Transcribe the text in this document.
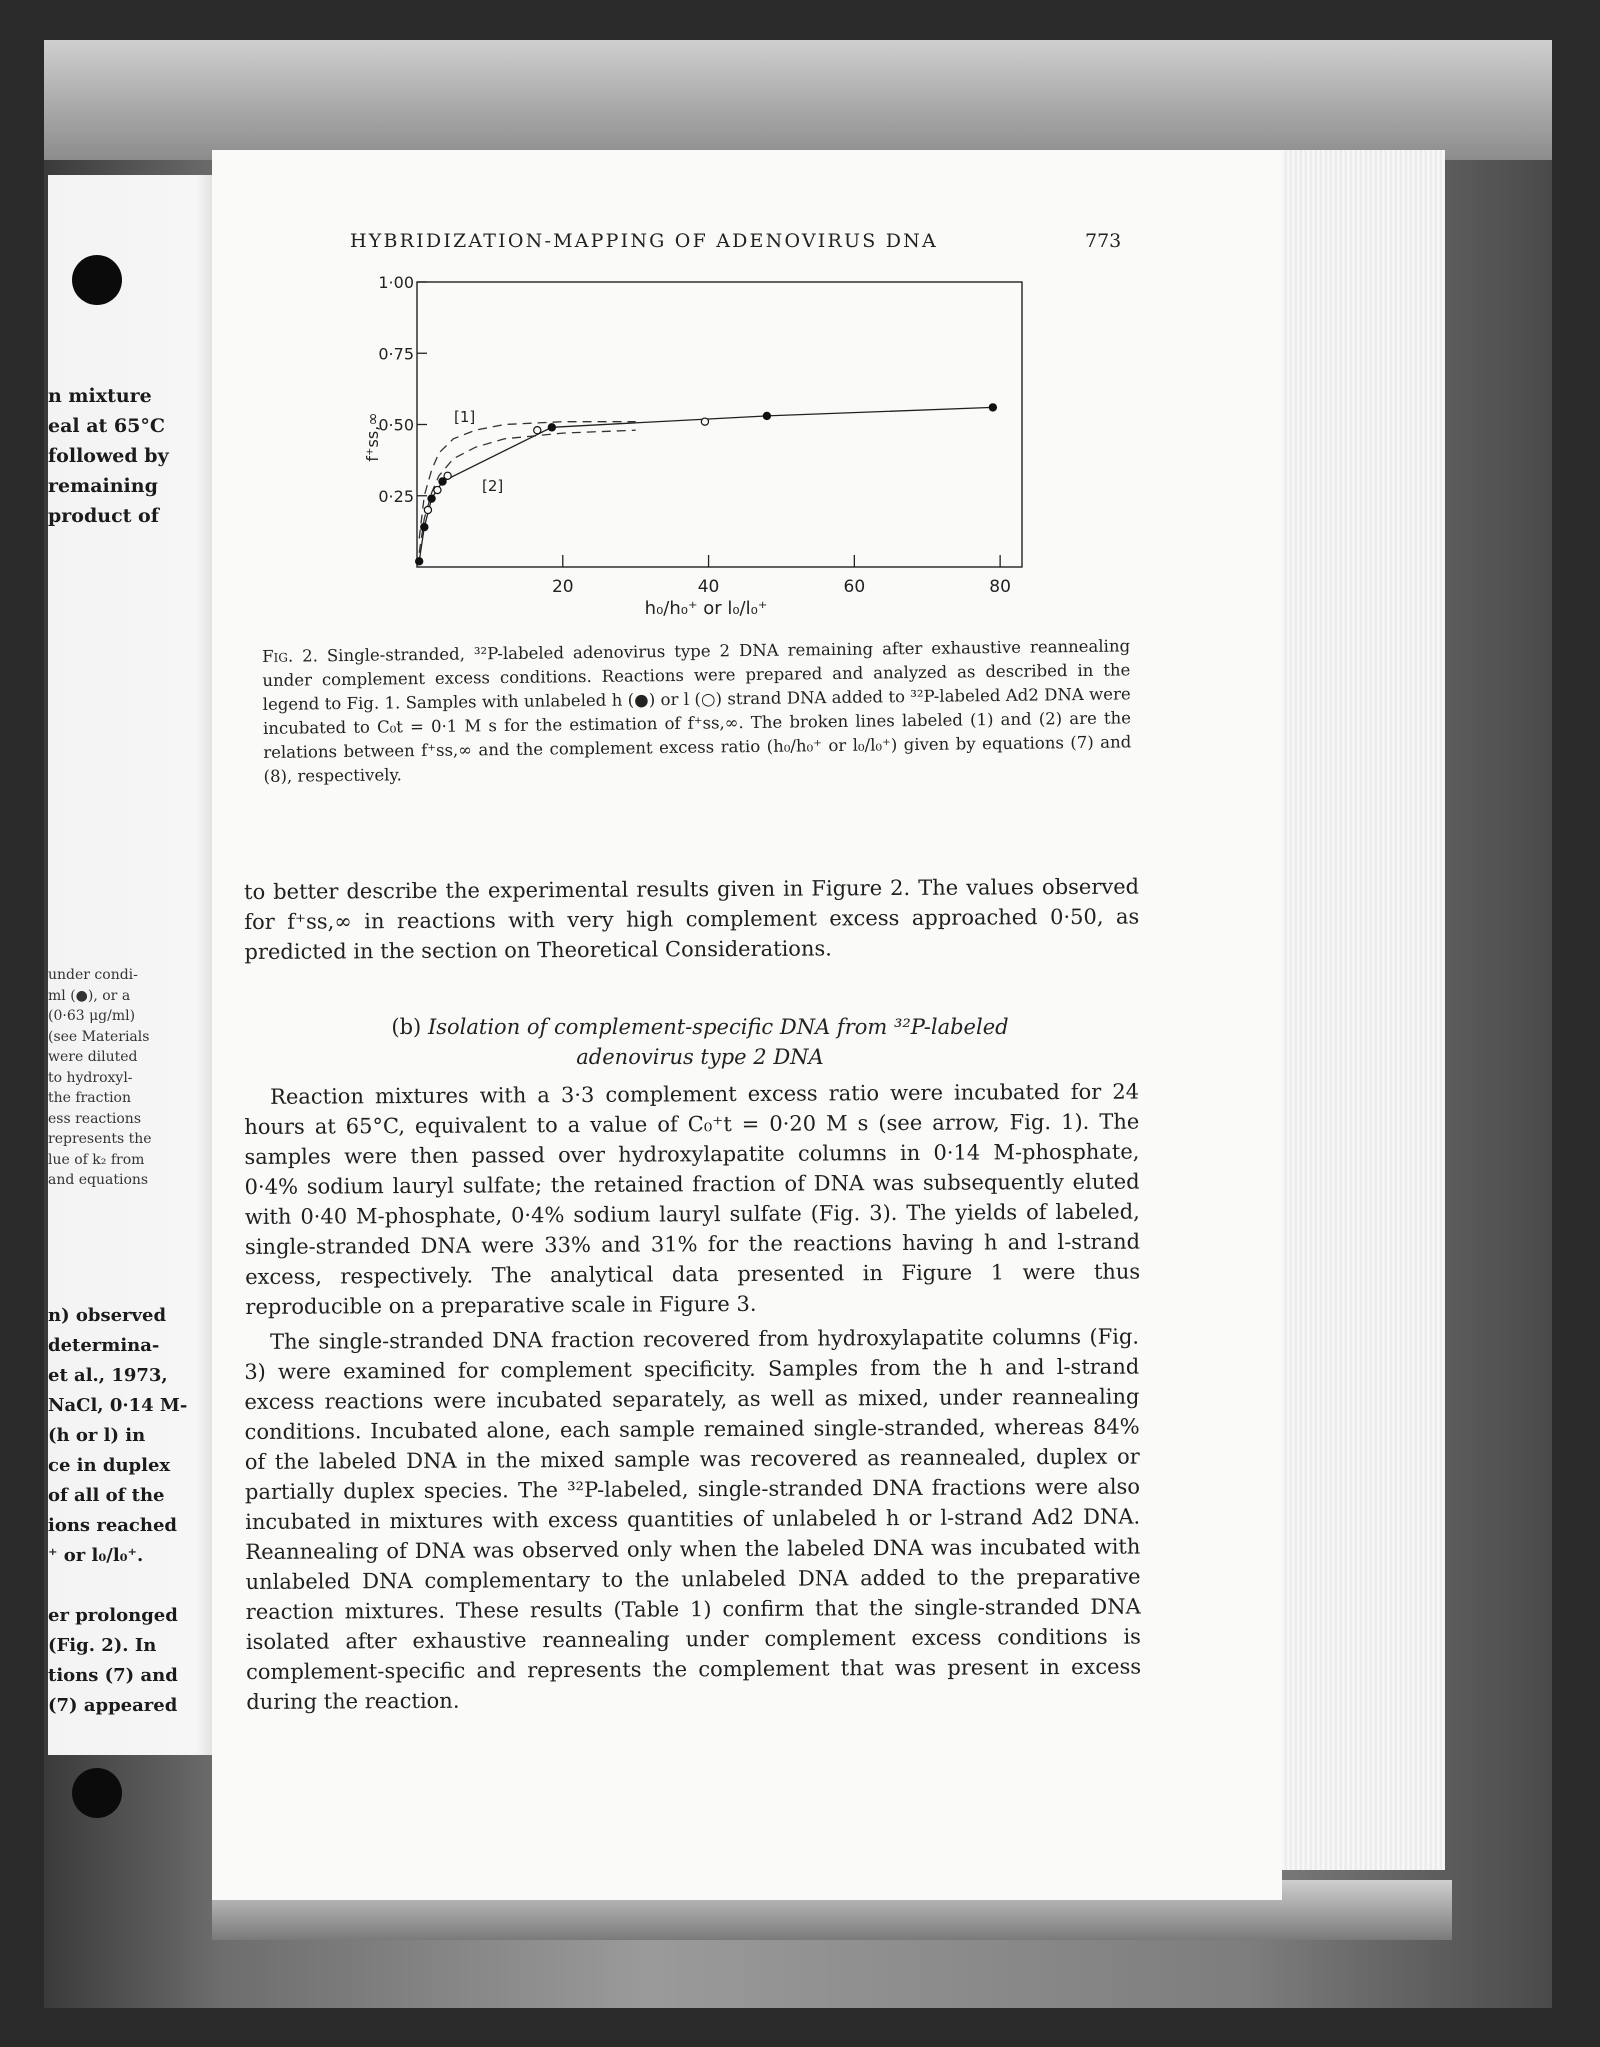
n mixture
eal at 65°C
followed by
remaining
product of
under condi-
ml (●), or a
(0·63 μg/ml)
(see Materials
were diluted
to hydroxyl-
the fraction
ess reactions
represents the
lue of k₂ from
and equations
n) observed
determina-
et al., 1973,
NaCl, 0·14 M-
(h or l) in
ce in duplex
of all of the
ions reached
⁺ or l₀/l₀⁺.
er prolonged
(Fig. 2). In
tions (7) and
(7) appeared
HYBRIDIZATION-MAPPING OF ADENOVIRUS DNA	773
0·25
0·50
0·75
1·00
20	40	60	80
f⁺ss,∞
h₀/h₀⁺ or l₀/l₀⁺
[1]
[2]
Fig. 2. Single-stranded, ³²P-labeled adenovirus type 2 DNA remaining after exhaustive reannealing under complement excess conditions. Reactions were prepared and analyzed as described in the legend to Fig. 1. Samples with unlabeled h (●) or l (○) strand DNA added to ³²P-labeled Ad2 DNA were incubated to C₀t = 0·1 M s for the estimation of f⁺ss,∞. The broken lines labeled (1) and (2) are the relations between f⁺ss,∞ and the complement excess ratio (h₀/h₀⁺ or l₀/l₀⁺) given by equations (7) and (8), respectively.

to better describe the experimental results given in Figure 2. The values observed for f⁺ss,∞ in reactions with very high complement excess approached 0·50, as predicted in the section on Theoretical Considerations.

(b) Isolation of complement-specific DNA from ³²P-labeled
adenovirus type 2 DNA

Reaction mixtures with a 3·3 complement excess ratio were incubated for 24 hours at 65°C, equivalent to a value of C₀⁺t = 0·20 M s (see arrow, Fig. 1). The samples were then passed over hydroxylapatite columns in 0·14 M-phosphate, 0·4% sodium lauryl sulfate; the retained fraction of DNA was subsequently eluted with 0·40 M-phosphate, 0·4% sodium lauryl sulfate (Fig. 3). The yields of labeled, single-stranded DNA were 33% and 31% for the reactions having h and l-strand excess, respectively. The analytical data presented in Figure 1 were thus reproducible on a preparative scale in Figure 3.

The single-stranded DNA fraction recovered from hydroxylapatite columns (Fig. 3) were examined for complement specificity. Samples from the h and l-strand excess reactions were incubated separately, as well as mixed, under reannealing conditions. Incubated alone, each sample remained single-stranded, whereas 84% of the labeled DNA in the mixed sample was recovered as reannealed, duplex or partially duplex species. The ³²P-labeled, single-stranded DNA fractions were also incubated in mixtures with excess quantities of unlabeled h or l-strand Ad2 DNA. Reannealing of DNA was observed only when the labeled DNA was incubated with unlabeled DNA complementary to the unlabeled DNA added to the preparative reaction mixtures. These results (Table 1) confirm that the single-stranded DNA isolated after exhaustive reannealing under complement excess conditions is complement-specific and represents the complement that was present in excess during the reaction.
